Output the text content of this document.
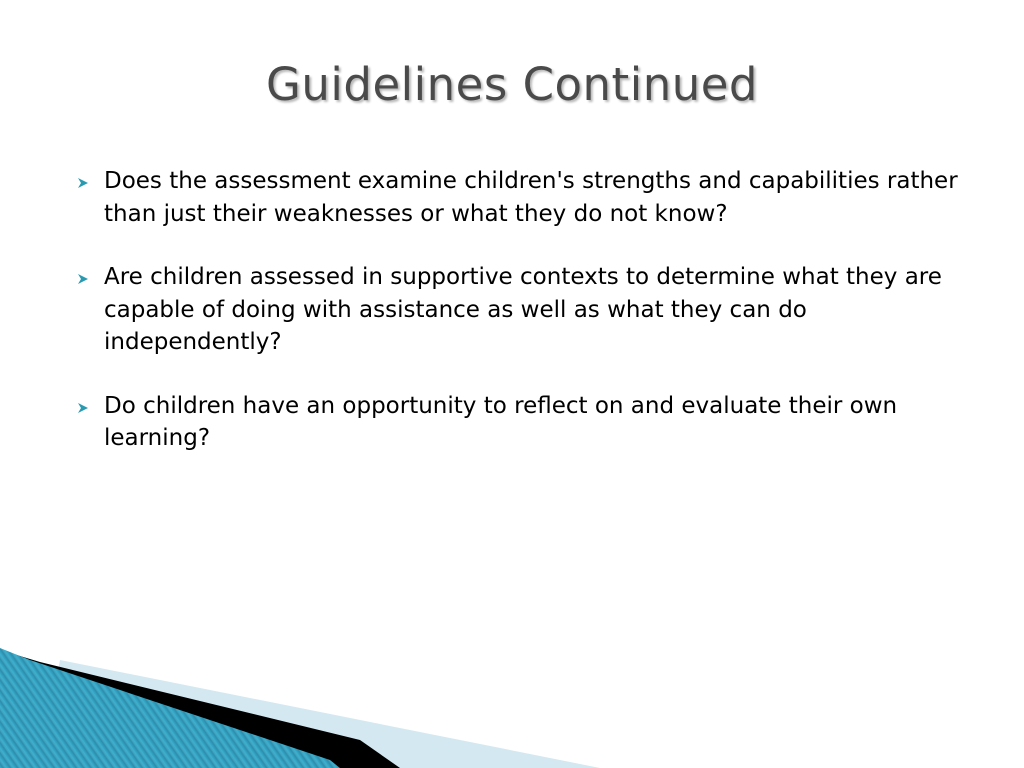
Guidelines Continued
Does the assessment examine children's strengths and capabilities rather than just their weaknesses or what they do not know?
Are children assessed in supportive contexts to determine what they are capable of doing with assistance as well as what they can do independently?
Do children have an opportunity to reflect on and evaluate their own learning?
